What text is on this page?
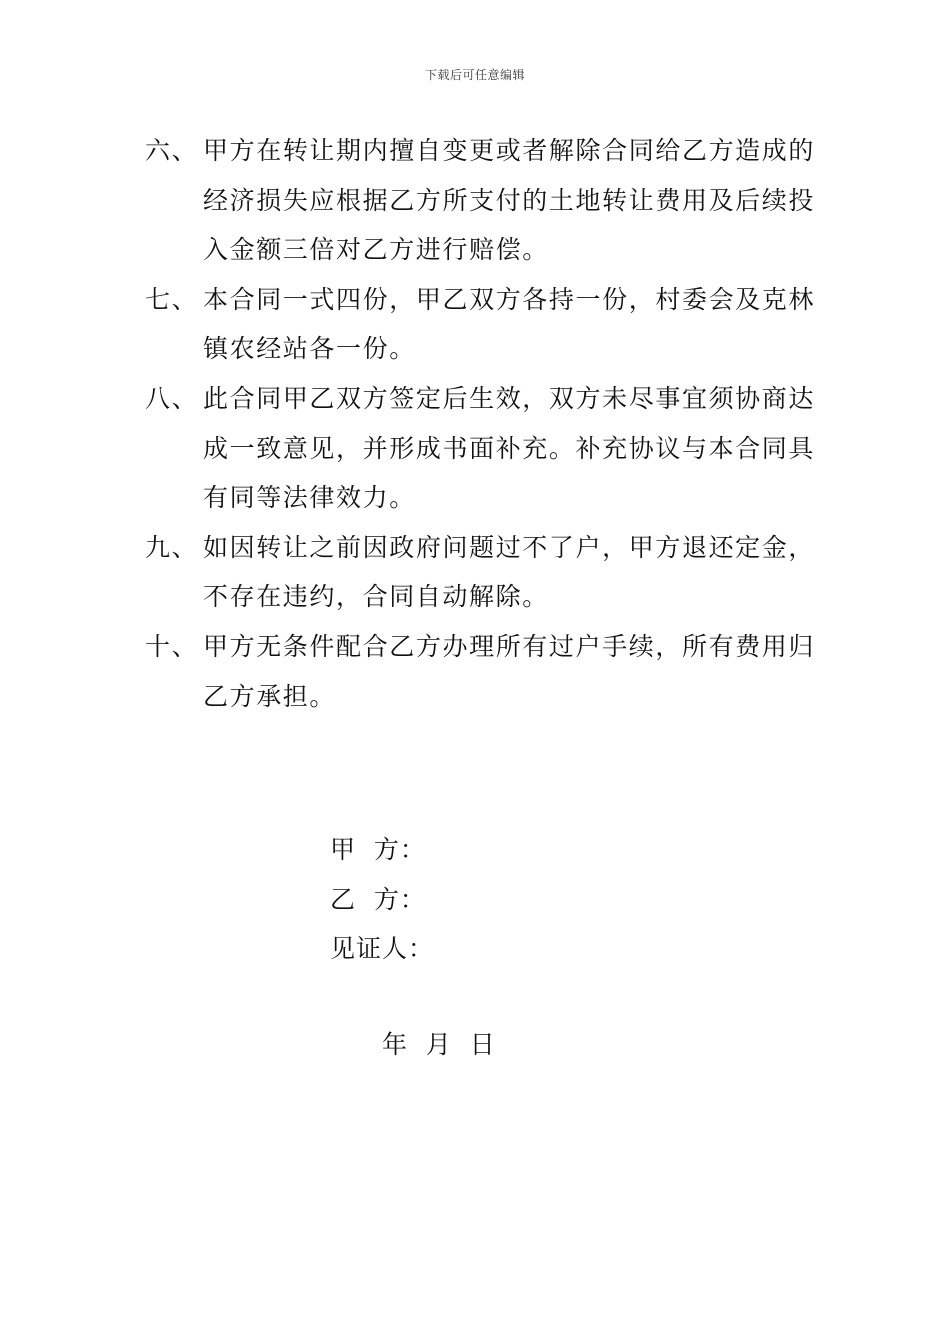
下载后可任意编辑
六、 甲方在转让期内擅自变更或者解除合同给乙方造成的经济损失应根据乙方所支付的土地转让费用及后续投入金额三倍对乙方进行赔偿。
七、 本合同一式四份，甲乙双方各持一份，村委会及克林镇农经站各一份。
八、 此合同甲乙双方签定后生效，双方未尽事宜须协商达成一致意见，并形成书面补充。补充协议与本合同具有同等法律效力。
九、 如因转让之前因政府问题过不了户，甲方退还定金，不存在违约，合同自动解除。
十、 甲方无条件配合乙方办理所有过户手续，所有费用归乙方承担。
甲  方：
乙  方：
见证人：
年  月  日
